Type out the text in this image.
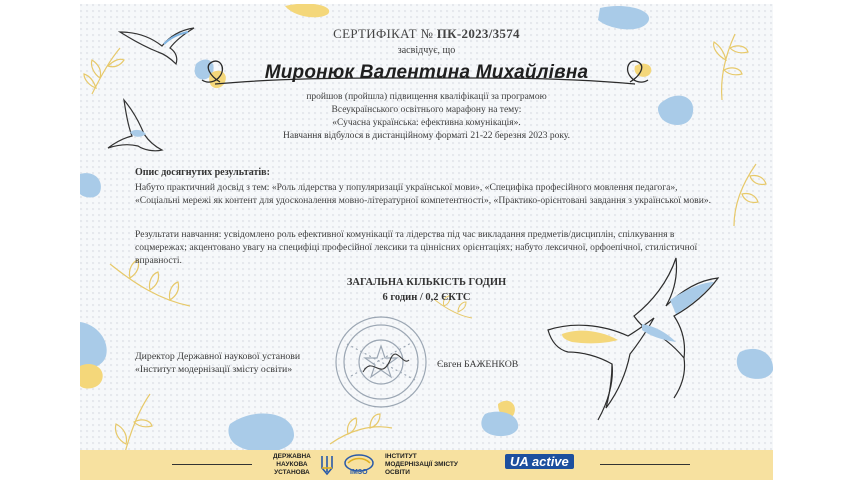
СЕРТИФІКАТ № ПК-2023/3574
засвідчує, що
Миронюк Валентина Михайлівна
пройшов (пройшла) підвищення кваліфікації за програмою
Всеукраїнського освітнього марафону на тему:
«Сучасна українська: ефективна комунікація».
Навчання відбулося в дистанційному форматі 21-22 березня 2023 року.
Опис досягнутих результатів:
Набуто практичний досвід з тем: «Роль лідерства у популяризації української мови», «Специфіка професійного мовлення педагога», «Соціальні мережі як контент для удосконалення мовно-літературної компетентності», «Практико-орієнтовані завдання з української мови».
Результати навчання: усвідомлено роль ефективної комунікації та лідерства під час викладання предметів/дисциплін, спілкування в соцмережах; акцентовано увагу на специфіці професійної лексики та ціннісних орієнтаціях; набуто лексичної, орфоепічної, стилістичної вправності.
ЗАГАЛЬНА КІЛЬКІСТЬ ГОДИН
6 годин / 0,2 ЄКТС
Директор Державної наукової установи
«Інститут модернізації змісту освіти»	Євген БАЖЕНКОВ
ДЕРЖАВНА
НАУКОВА
УСТАНОВА	ІМЗО
ІНСТИТУТ
МОДЕРНІЗАЦІЇ ЗМІСТУ
ОСВІТИ
UA active
